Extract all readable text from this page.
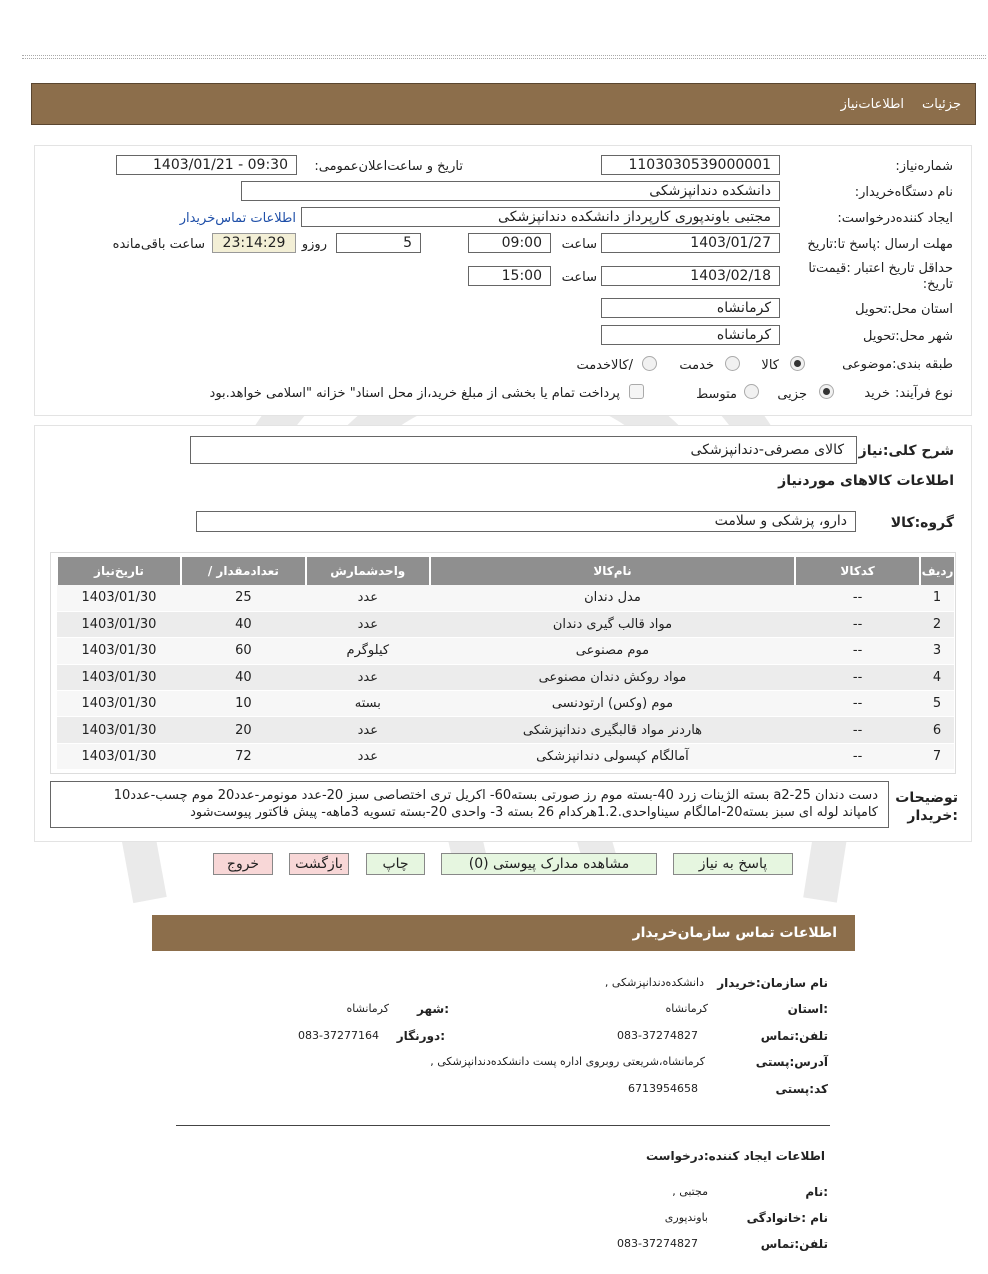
جزئیات
اطلاعات‌نیاز
شماره‌نیاز:
1103030539000001
تاریخ و ساعت‌اعلان‌عمومی:
1403/01/21 - 09:30
نام دستگاه‌خریدار:
دانشکده دندانپزشکی
ایجاد کننده‌درخواست:
مجتبی باوندپوری کارپرداز دانشکده دندانپزشکی
اطلاعات تماس‌خریدار
مهلت ارسال :پاسخ تا:تاریخ
1403/01/27
ساعت
09:00
5
روزو
23:14:29
ساعت باقی‌مانده
حداقل تاریخ اعتبار :قیمت‌تا تاریخ:
1403/02/18
ساعت
15:00
استان محل:تحویل
کرمانشاه
شهر محل:تحویل
کرمانشاه
طبقه بندی:موضوعی
کالا
خدمت
/کالاخدمت
نوع فرآیند:
خرید
جزیی
متوسط
پرداخت تمام یا بخشی از مبلغ خرید،از محل اسناد" خزانه "اسلامی خواهد.بود
شرح کلی:نیاز
کالای مصرفی-دندانپزشکی
اطلاعات کالاهای موردنیاز
گروه:کالا
دارو، پزشکی و سلامت
ردیف	کدکالا	نام‌کالا	واحدشمارش	تعدادمقدار /	تاریخ‌نیاز
1	--	مدل دندان	عدد	25	1403/01/30
2	--	مواد قالب گیری دندان	عدد	40	1403/01/30
3	--	موم مصنوعی	کیلوگرم	60	1403/01/30
4	--	مواد روکش دندان مصنوعی	عدد	40	1403/01/30
5	--	موم (وکس) ارتودنسی	بسته	10	1403/01/30
6	--	هاردنر مواد قالبگیری دندانپزشکی	عدد	20	1403/01/30
7	--	آمالگام کپسولی دندانپزشکی	عدد	72	1403/01/30
توضیحات :خریدار
دست دندان a2-25 بسته الژینات زرد 40-بسته موم رز صورتی بسته60- اکریل تری اختصاصی سبز 20-عدد مونومر-عدد20 موم چسب-عدد10
کامپاند لوله ای سبز بسته20-امالگام سیناواحدی.1.2هرکدام 26 بسته 3- واحدی 20-بسته تسویه 3ماهه- پیش فاکتور پیوست‌شود
پاسخ به نیاز
مشاهده مدارک پیوستی (0)
چاپ
بازگشت
خروج
اطلاعات تماس سازمان‌خریدار
نام سازمان:خریدار
دانشکده‌دندانپزشکی ,
:استان
کرمانشاه
:شهر
کرمانشاه
تلفن:تماس
083-37274827
:دورنگار
083-37277164
آدرس:پستی
کرمانشاه،شریعتی روبروی اداره پست دانشکده‌دندانپزشکی ,
کد:پستی
6713954658
اطلاعات ایجاد کننده:درخواست
:نام
مجتبی ,
نام :خانوادگی
باوندپوری
تلفن:تماس
083-37274827
